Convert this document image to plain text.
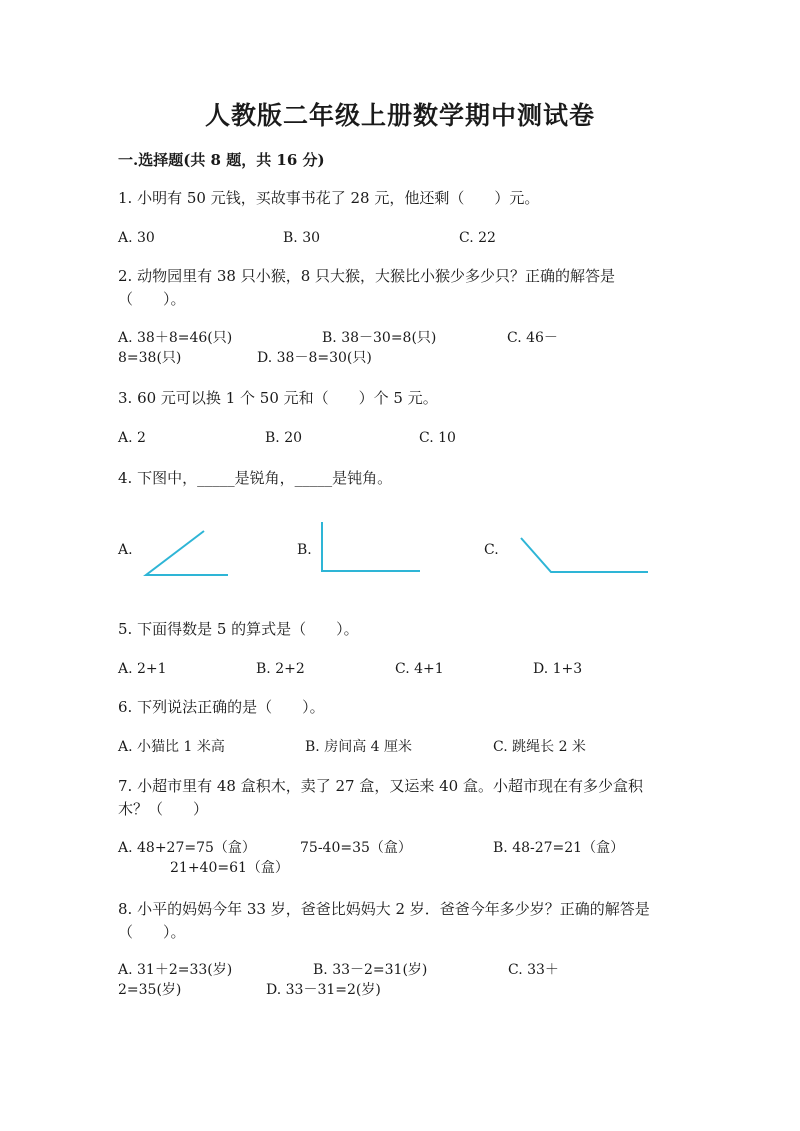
人教版二年级上册数学期中测试卷
一.选择题(共 8 题，共 16 分)
1. 小明有 50 元钱，买故事书花了 28 元，他还剩（　　）元。
A. 30	B. 30	C. 22
2. 动物园里有 38 只小猴，8 只大猴，大猴比小猴少多少只？正确的解答是
（　　）。
A. 38＋8=46(只)	B. 38－30=8(只)	C. 46－
8=38(只)	D. 38－8=30(只)
3. 60 元可以换 1 个 50 元和（　　）个 5 元。
A. 2	B. 20	C. 10
4. 下图中，_____是锐角，_____是钝角。
A.	B.	C.
5. 下面得数是 5 的算式是（　　）。
A. 2+1	B. 2+2	C. 4+1	D. 1+3
6. 下列说法正确的是（　　）。
A. 小猫比 1 米高	B. 房间高 4 厘米	C. 跳绳长 2 米
7. 小超市里有 48 盒积木，卖了 27 盒，又运来 40 盒。小超市现在有多少盒积
木？（　　）
A. 48+27=75（盒）	75-40=35（盒）	B. 48-27=21（盒）
21+40=61（盒）
8. 小平的妈妈今年 33 岁，爸爸比妈妈大 2 岁．爸爸今年多少岁？正确的解答是
（　　）。
A. 31＋2=33(岁)	B. 33－2=31(岁)	C. 33＋
2=35(岁)	D. 33－31=2(岁)
